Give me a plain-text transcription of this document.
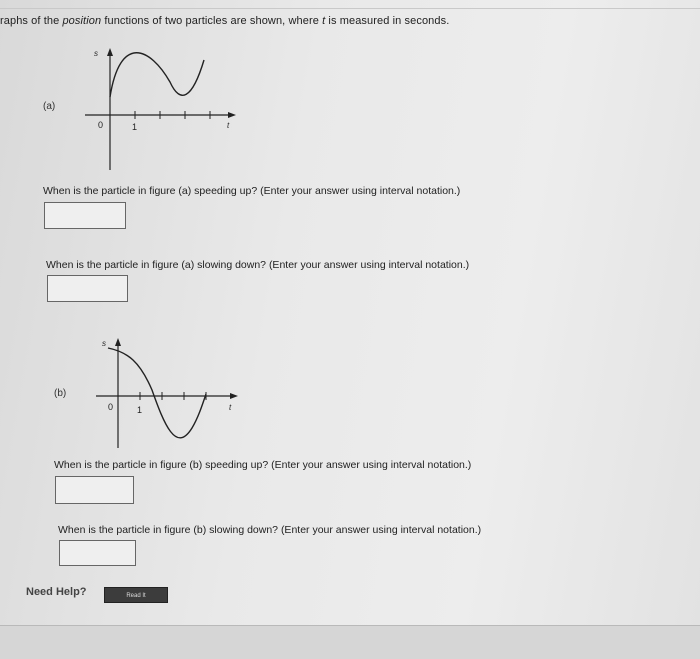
raphs of the position functions of two particles are shown, where t is measured in seconds.
(a)
s
t
0	1
When is the particle in figure (a) speeding up? (Enter your answer using interval notation.)
When is the particle in figure (a) slowing down? (Enter your answer using interval notation.)
(b)
s
t
0	1
When is the particle in figure (b) speeding up? (Enter your answer using interval notation.)
When is the particle in figure (b) slowing down? (Enter your answer using interval notation.)
Need Help?	Read It
